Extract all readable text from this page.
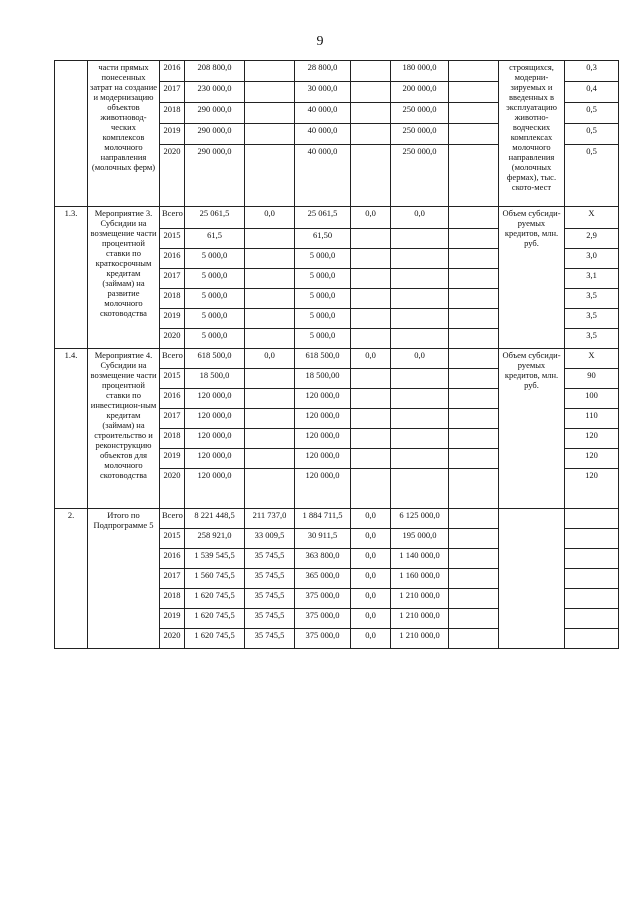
9
	части прямых понесенных затрат на создание и модернизацию объектов животновод-ческих комплексов молочного направления (молочных ферм)	2016	208 800,0		28 800,0		180 000,0		строящихся, модерни-зируемых и введенных в эксплуатацию животно-водческих комплексах молочного направления (молочных фермах), тыс. ското-мест	0,3
		2017	230 000,0		30 000,0		200 000,0			0,4
		2018	290 000,0		40 000,0		250 000,0			0,5
		2019	290 000,0		40 000,0		250 000,0			0,5
		2020	290 000,0		40 000,0		250 000,0			0,5
1.3.	Мероприятие 3. Субсидии на возмещение части процентной ставки по краткосрочным кредитам (займам) на развитие молочного скотоводства	Всего	25 061,5	0,0	25 061,5	0,0	0,0		Объем субсиди-руемых кредитов, млн. руб.	Х
		2015	61,5		61,50					2,9
		2016	5 000,0		5 000,0					3,0
		2017	5 000,0		5 000,0					3,1
		2018	5 000,0		5 000,0					3,5
		2019	5 000,0		5 000,0					3,5
		2020	5 000,0		5 000,0					3,5
1.4.	Мероприятие 4. Субсидии на возмещение части процентной ставки по инвестицион-ным кредитам (займам) на строительство и реконструкцию объектов для молочного скотоводства	Всего	618 500,0	0,0	618 500,0	0,0	0,0		Объем субсиди-руемых кредитов, млн. руб.	Х
		2015	18 500,0		18 500,00					90
		2016	120 000,0		120 000,0					100
		2017	120 000,0		120 000,0					110
		2018	120 000,0		120 000,0					120
		2019	120 000,0		120 000,0					120
		2020	120 000,0		120 000,0					120
2.	Итого по Подпрограмме 5	Всего	8 221 448,5	211 737,0	1 884 711,5	0,0	6 125 000,0			
		2015	258 921,0	33 009,5	30 911,5	0,0	195 000,0			
		2016	1 539 545,5	35 745,5	363 800,0	0,0	1 140 000,0			
		2017	1 560 745,5	35 745,5	365 000,0	0,0	1 160 000,0			
		2018	1 620 745,5	35 745,5	375 000,0	0,0	1 210 000,0			
		2019	1 620 745,5	35 745,5	375 000,0	0,0	1 210 000,0			
		2020	1 620 745,5	35 745,5	375 000,0	0,0	1 210 000,0			
